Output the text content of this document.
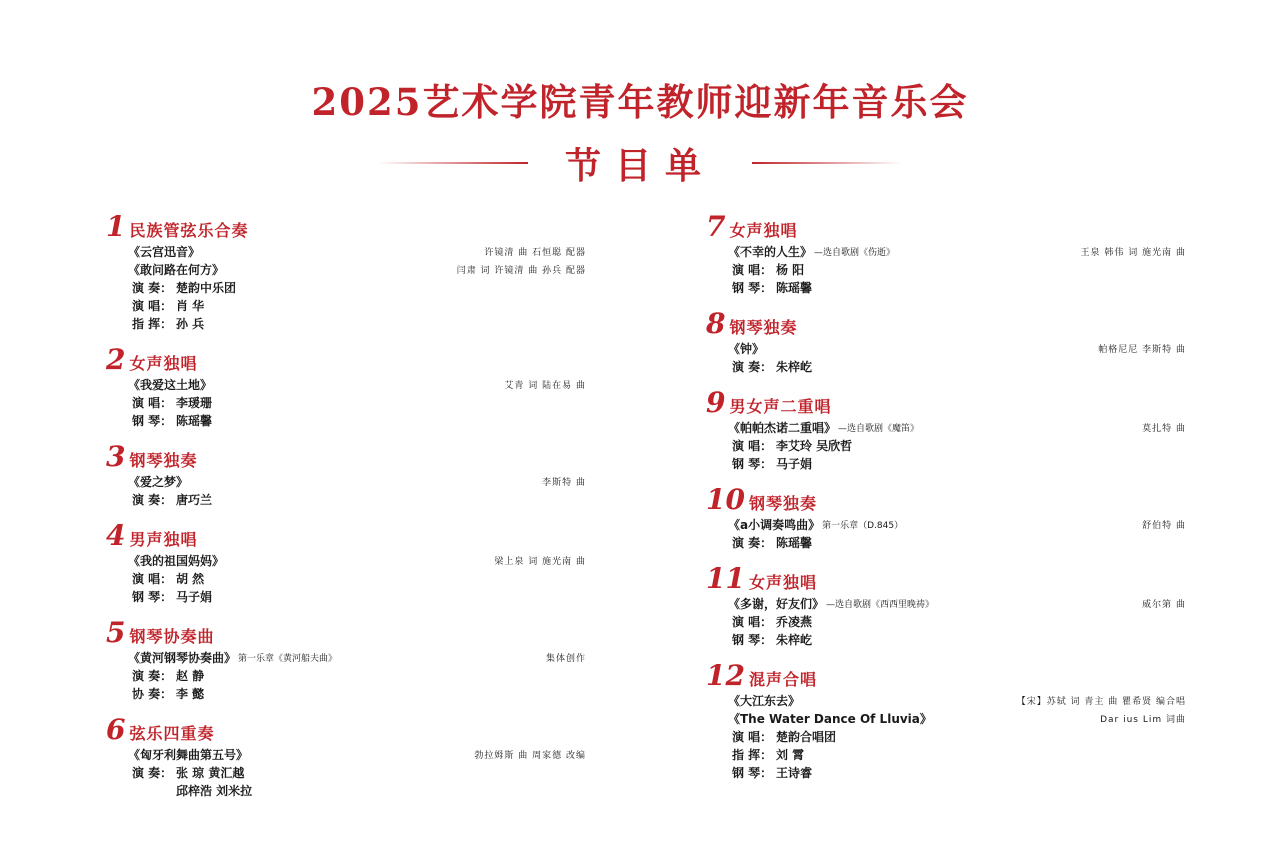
2025艺术学院青年教师迎新年音乐会
节目单
1 民族管弦乐合奏
《云宫迅音》	许镜清 曲 石恒聪 配器
《敢问路在何方》	闫肃 词 许镜清 曲 孙兵 配器
演 奏： 楚韵中乐团
演 唱： 肖 华
指 挥： 孙 兵
2 女声独唱
《我爱这土地》	艾青 词 陆在易 曲
演 唱： 李瑗珊
钢 琴： 陈瑶馨
3 钢琴独奏
《爱之梦》	李斯特 曲
演 奏： 唐巧兰
4 男声独唱
《我的祖国妈妈》	梁上泉 词 施光南 曲
演 唱： 胡 然
钢 琴： 马子娟
5 钢琴协奏曲
《黄河钢琴协奏曲》 第一乐章《黄河船夫曲》	集体创作
演 奏： 赵 静
协 奏： 李 懿
6 弦乐四重奏
《匈牙利舞曲第五号》	勃拉姆斯 曲 周家德 改编
演 奏： 张 琼 黄汇越
邱梓浩 刘米拉
7 女声独唱
《不幸的人生》 —选自歌剧《伤逝》	王泉 韩伟 词 施光南 曲
演 唱： 杨 阳
钢 琴： 陈瑶馨
8 钢琴独奏
《钟》	帕格尼尼 李斯特 曲
演 奏： 朱梓屹
9 男女声二重唱
《帕帕杰诺二重唱》 —选自歌剧《魔笛》	莫扎特 曲
演 唱： 李艾玲 吴欣哲
钢 琴： 马子娟
10 钢琴独奏
《a小调奏鸣曲》 第一乐章（D.845）	舒伯特 曲
演 奏： 陈瑶馨
11 女声独唱
《多谢，好友们》 —选自歌剧《西西里晚祷》	威尔第 曲
演 唱： 乔凌燕
钢 琴： 朱梓屹
12 混声合唱
《大江东去》	【宋】苏轼 词 青主 曲 瞿希贤 编合唱
《The Water Dance Of Lluvia》	Dar ius Lim 词曲
演 唱： 楚韵合唱团
指 挥： 刘 霄
钢 琴： 王诗睿
